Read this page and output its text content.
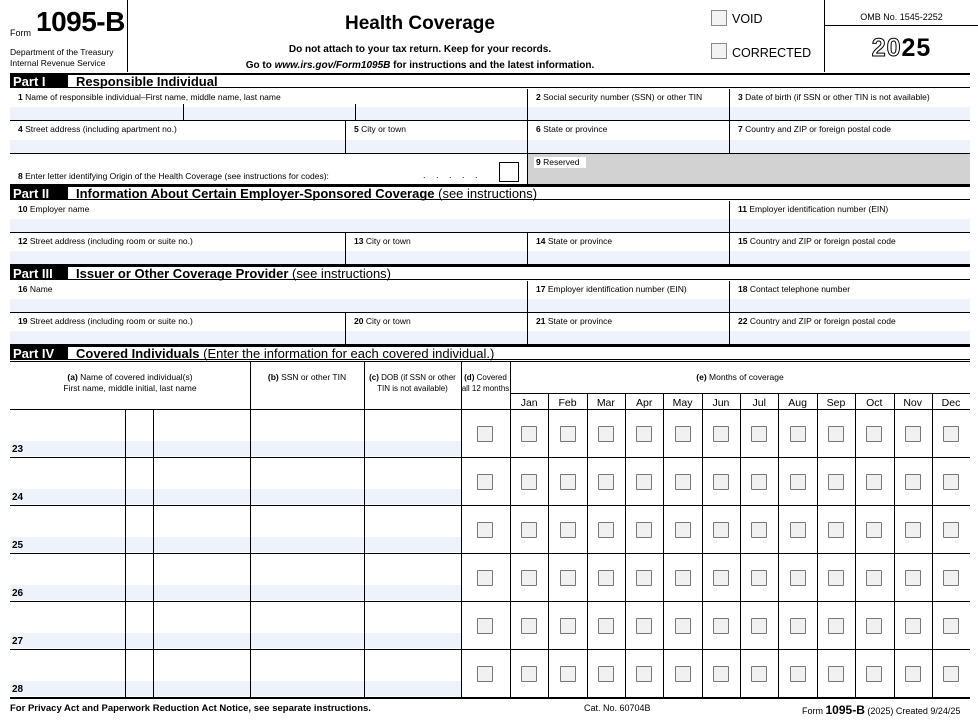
Form 1095-B
Department of the Treasury
Internal Revenue Service
Health Coverage
Do not attach to your tax return. Keep for your records.
Go to www.irs.gov/Form1095B for instructions and the latest information.
VOID
CORRECTED
OMB No. 1545-2252
2025
Part I	Responsible Individual
Part II	Information About Certain Employer-Sponsored Coverage (see instructions)
Part III	Issuer or Other Coverage Provider (see instructions)
Part IV	Covered Individuals (Enter the information for each covered individual.)
1 Name of responsible individual–First name, middle name, last name	2 Social security number (SSN) or other TIN	3 Date of birth (if SSN or other TIN is not available)
4 Street address (including apartment no.)	5 City or town	6 State or province	7 Country and ZIP or foreign postal code
8 Enter letter identifying Origin of the Health Coverage (see instructions for codes):
9 Reserved
10 Employer name	11 Employer identification number (EIN)
12 Street address (including room or suite no.)	13 City or town	14 State or province	15 Country and ZIP or foreign postal code
16 Name	17 Employer identification number (EIN)	18 Contact telephone number
19 Street address (including room or suite no.)	20 City or town	21 State or province	22 Country and ZIP or foreign postal code
. . . . .
(a) Name of covered individual(s)
First name, middle initial, last name
(b) SSN or other TIN	(c) DOB (if SSN or other
TIN is not available)
(d) Covered
all 12 months
(e) Months of coverage
Jan	Feb	Mar	Apr	May	Jun	Jul	Aug	Sep	Oct	Nov	Dec
23
24
25
26
27
28
For Privacy Act and Paperwork Reduction Act Notice, see separate instructions.	Cat. No. 60704B	Form 1095-B (2025) Created 9/24/25
